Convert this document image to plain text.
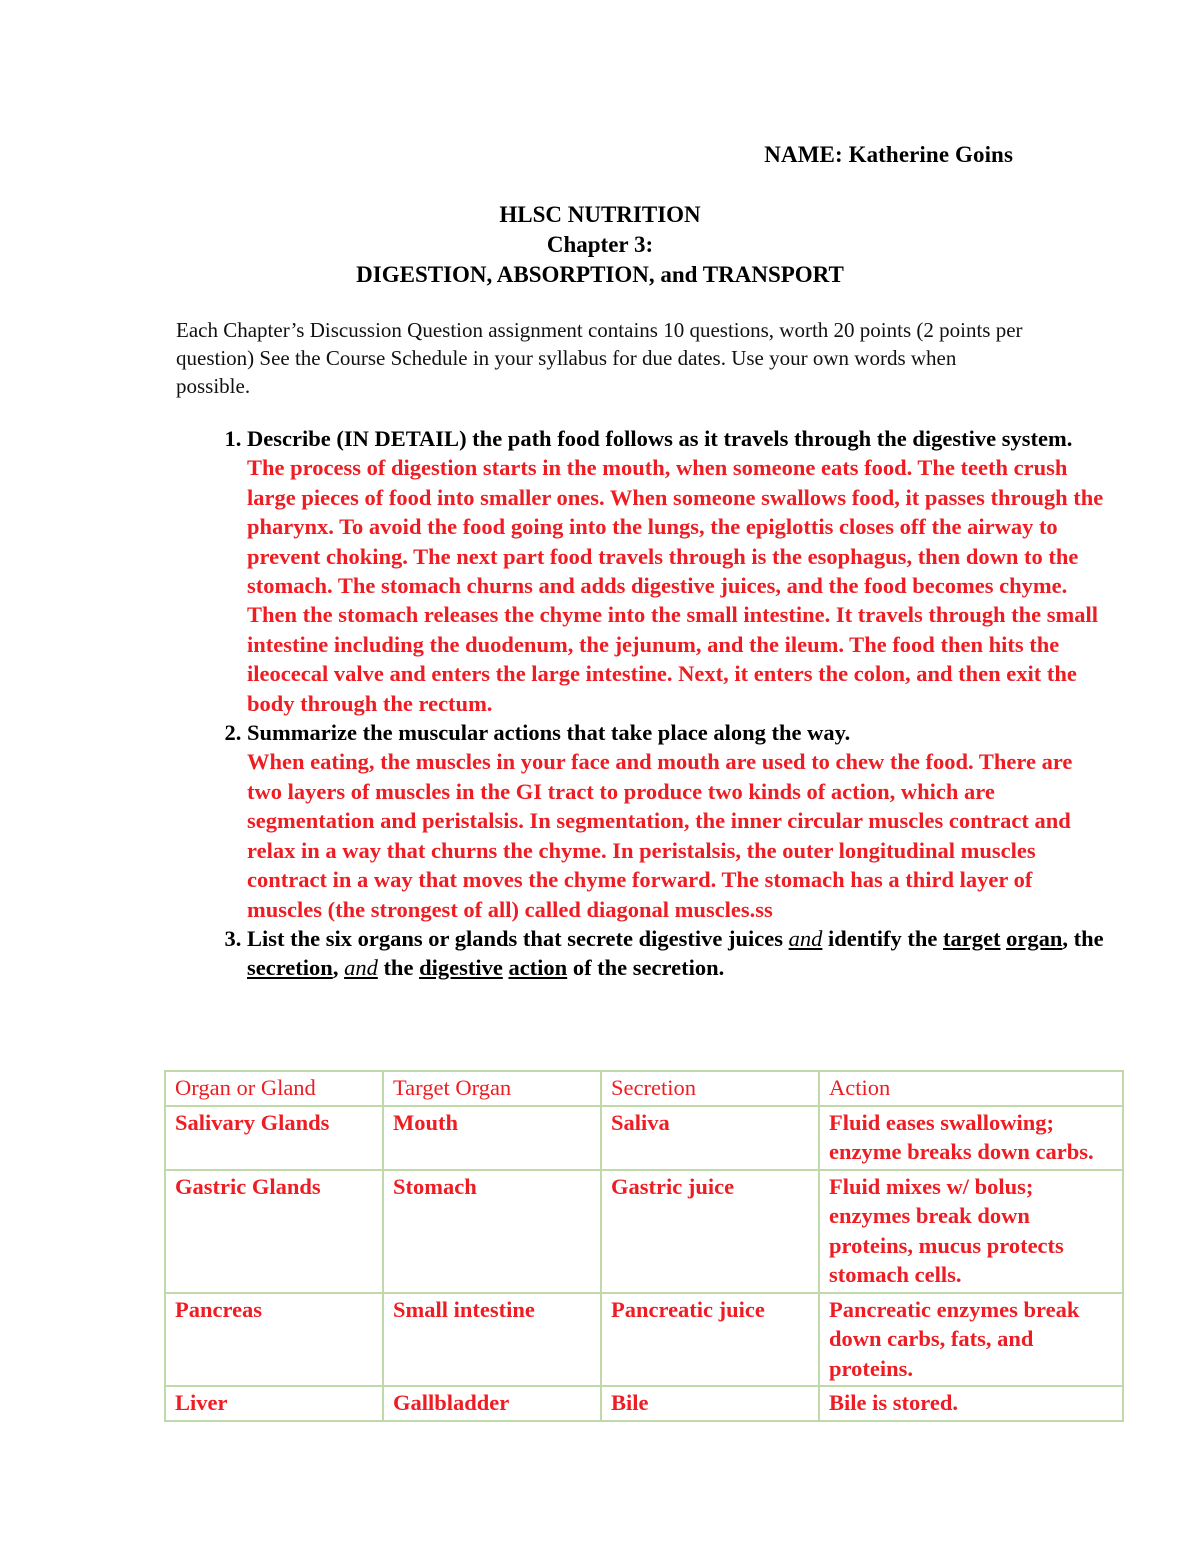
NAME: Katherine Goins
HLSC NUTRITION
Chapter 3:
DIGESTION, ABSORPTION, and TRANSPORT
Each Chapter’s Discussion Question assignment contains 10 questions, worth 20 points (2 points per question) See the Course Schedule in your syllabus for due dates. Use your own words when possible.
1. Describe (IN DETAIL) the path food follows as it travels through the digestive system.
The process of digestion starts in the mouth, when someone eats food. The teeth crush large pieces of food into smaller ones. When someone swallows food, it passes through the pharynx. To avoid the food going into the lungs, the epiglottis closes off the airway to prevent choking. The next part food travels through is the esophagus, then down to the stomach. The stomach churns and adds digestive juices, and the food becomes chyme. Then the stomach releases the chyme into the small intestine. It travels through the small intestine including the duodenum, the jejunum, and the ileum. The food then hits the ileocecal valve and enters the large intestine. Next, it enters the colon, and then exit the body through the rectum.
2. Summarize the muscular actions that take place along the way.
When eating, the muscles in your face and mouth are used to chew the food. There are two layers of muscles in the GI tract to produce two kinds of action, which are segmentation and peristalsis. In segmentation, the inner circular muscles contract and relax in a way that churns the chyme. In peristalsis, the outer longitudinal muscles contract in a way that moves the chyme forward. The stomach has a third layer of muscles (the strongest of all) called diagonal muscles.ss
3. List the six organs or glands that secrete digestive juices and identify the target organ, the secretion, and the digestive action of the secretion.
Organ or Gland	Target Organ	Secretion	Action
Salivary Glands	Mouth	Saliva	Fluid eases swallowing; enzyme breaks down carbs.
Gastric Glands	Stomach	Gastric juice	Fluid mixes w/ bolus; enzymes break down proteins, mucus protects stomach cells.
Pancreas	Small intestine	Pancreatic juice	Pancreatic enzymes break down carbs, fats, and proteins.
Liver	Gallbladder	Bile	Bile is stored.
